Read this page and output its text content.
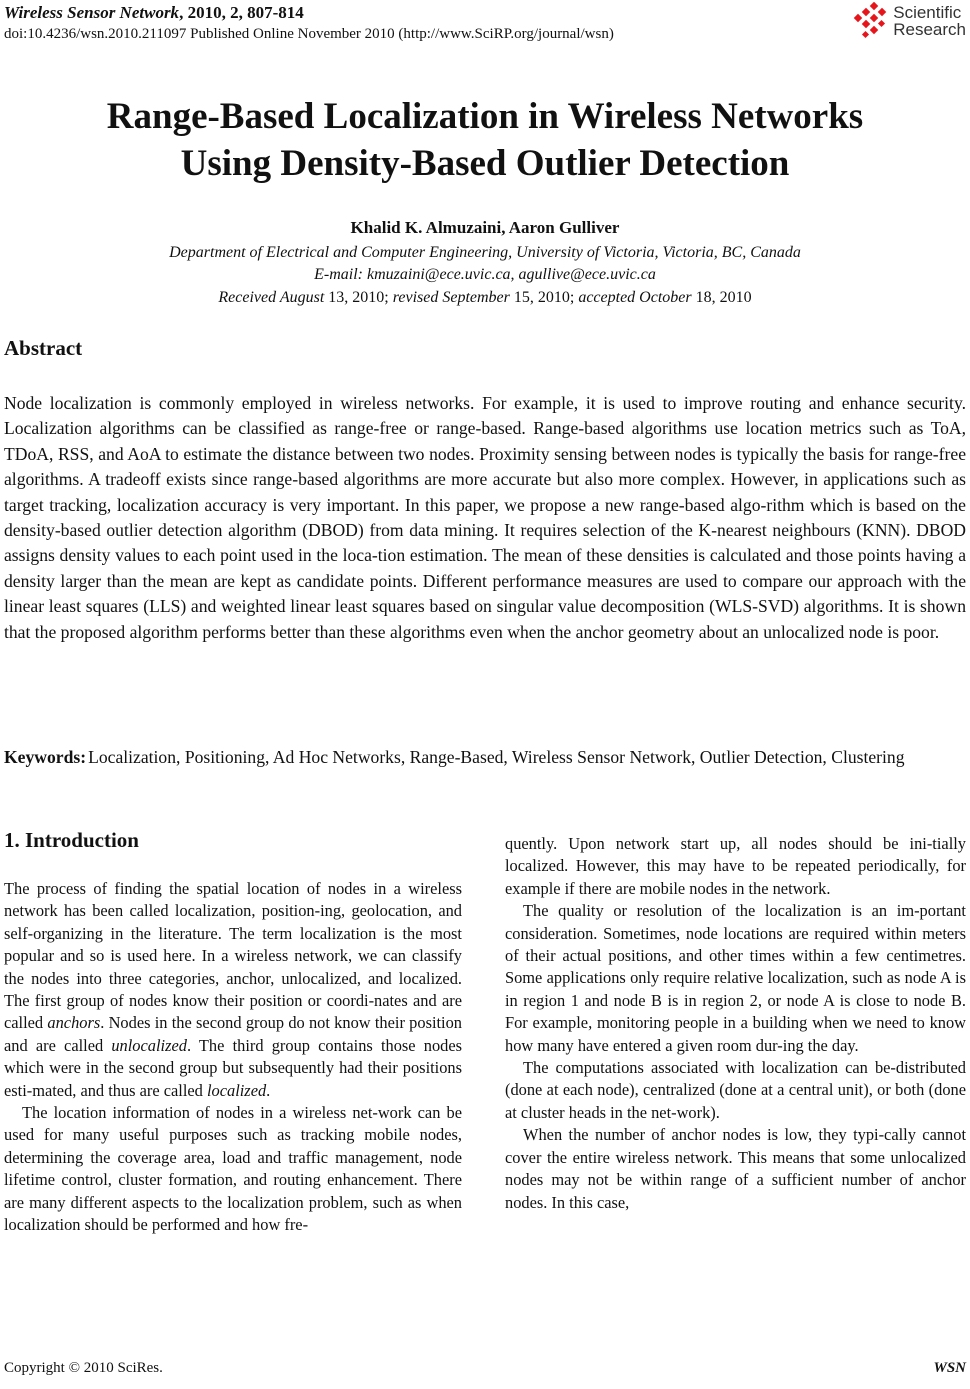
Wireless Sensor Network, 2010, 2, 807-814
doi:10.4236/wsn.2010.211097 Published Online November 2010 (http://www.SciRP.org/journal/wsn)
Scientific
Research
Range-Based Localization in Wireless Networks
Using Density-Based Outlier Detection
Khalid K. Almuzaini, Aaron Gulliver
Department of Electrical and Computer Engineering, University of Victoria, Victoria, BC, Canada
E-mail: kmuzaini@ece.uvic.ca, agullive@ece.uvic.ca
Received August 13, 2010; revised September 15, 2010; accepted October 18, 2010
Abstract
Node localization is commonly employed in wireless networks. For example, it is used to improve routing and enhance security. Localization algorithms can be classified as range-free or range-based. Range-based algorithms use location metrics such as ToA, TDoA, RSS, and AoA to estimate the distance between two nodes. Proximity sensing between nodes is typically the basis for range-free algorithms. A tradeoff exists since range-based algorithms are more accurate but also more complex. However, in applications such as target tracking, localization accuracy is very important. In this paper, we propose a new range-based algo-rithm which is based on the density-based outlier detection algorithm (DBOD) from data mining. It requires selection of the K-nearest neighbours (KNN). DBOD assigns density values to each point used in the loca-tion estimation. The mean of these densities is calculated and those points having a density larger than the mean are kept as candidate points. Different performance measures are used to compare our approach with the linear least squares (LLS) and weighted linear least squares based on singular value decomposition (WLS-SVD) algorithms. It is shown that the proposed algorithm performs better than these algorithms even when the anchor geometry about an unlocalized node is poor.
Keywords: Localization, Positioning, Ad Hoc Networks, Range-Based, Wireless Sensor Network, Outlier Detection, Clustering
1. Introduction

The process of finding the spatial location of nodes in a wireless network has been called localization, position-ing, geolocation, and self-organizing in the literature. The term localization is the most popular and so is used here. In a wireless network, we can classify the nodes into three categories, anchor, unlocalized, and localized. The first group of nodes know their position or coordi-nates and are called anchors. Nodes in the second group do not know their position and are called unlocalized. The third group contains those nodes which were in the second group but subsequently had their positions esti-mated, and thus are called localized.

The location information of nodes in a wireless net-work can be used for many useful purposes such as tracking mobile nodes, determining the coverage area, load and traffic management, node lifetime control, cluster formation, and routing enhancement. There are many different aspects to the localization problem, such as when localization should be performed and how fre-

quently. Upon network start up, all nodes should be ini-tially localized. However, this may have to be repeated periodically, for example if there are mobile nodes in the network.

The quality or resolution of the localization is an im-portant consideration. Sometimes, node locations are required within meters of their actual positions, and other times within a few centimetres. Some applications only require relative localization, such as node A is in region 1 and node B is in region 2, or node A is close to node B. For example, monitoring people in a building when we need to know how many have entered a given room dur-ing the day.

The computations associated with localization can be-distributed (done at each node), centralized (done at a central unit), or both (done at cluster heads in the net-work).

When the number of anchor nodes is low, they typi-cally cannot cover the entire wireless network. This means that some unlocalized nodes may not be within range of a sufficient number of anchor nodes. In this case,

Copyright © 2010 SciRes.	WSN
